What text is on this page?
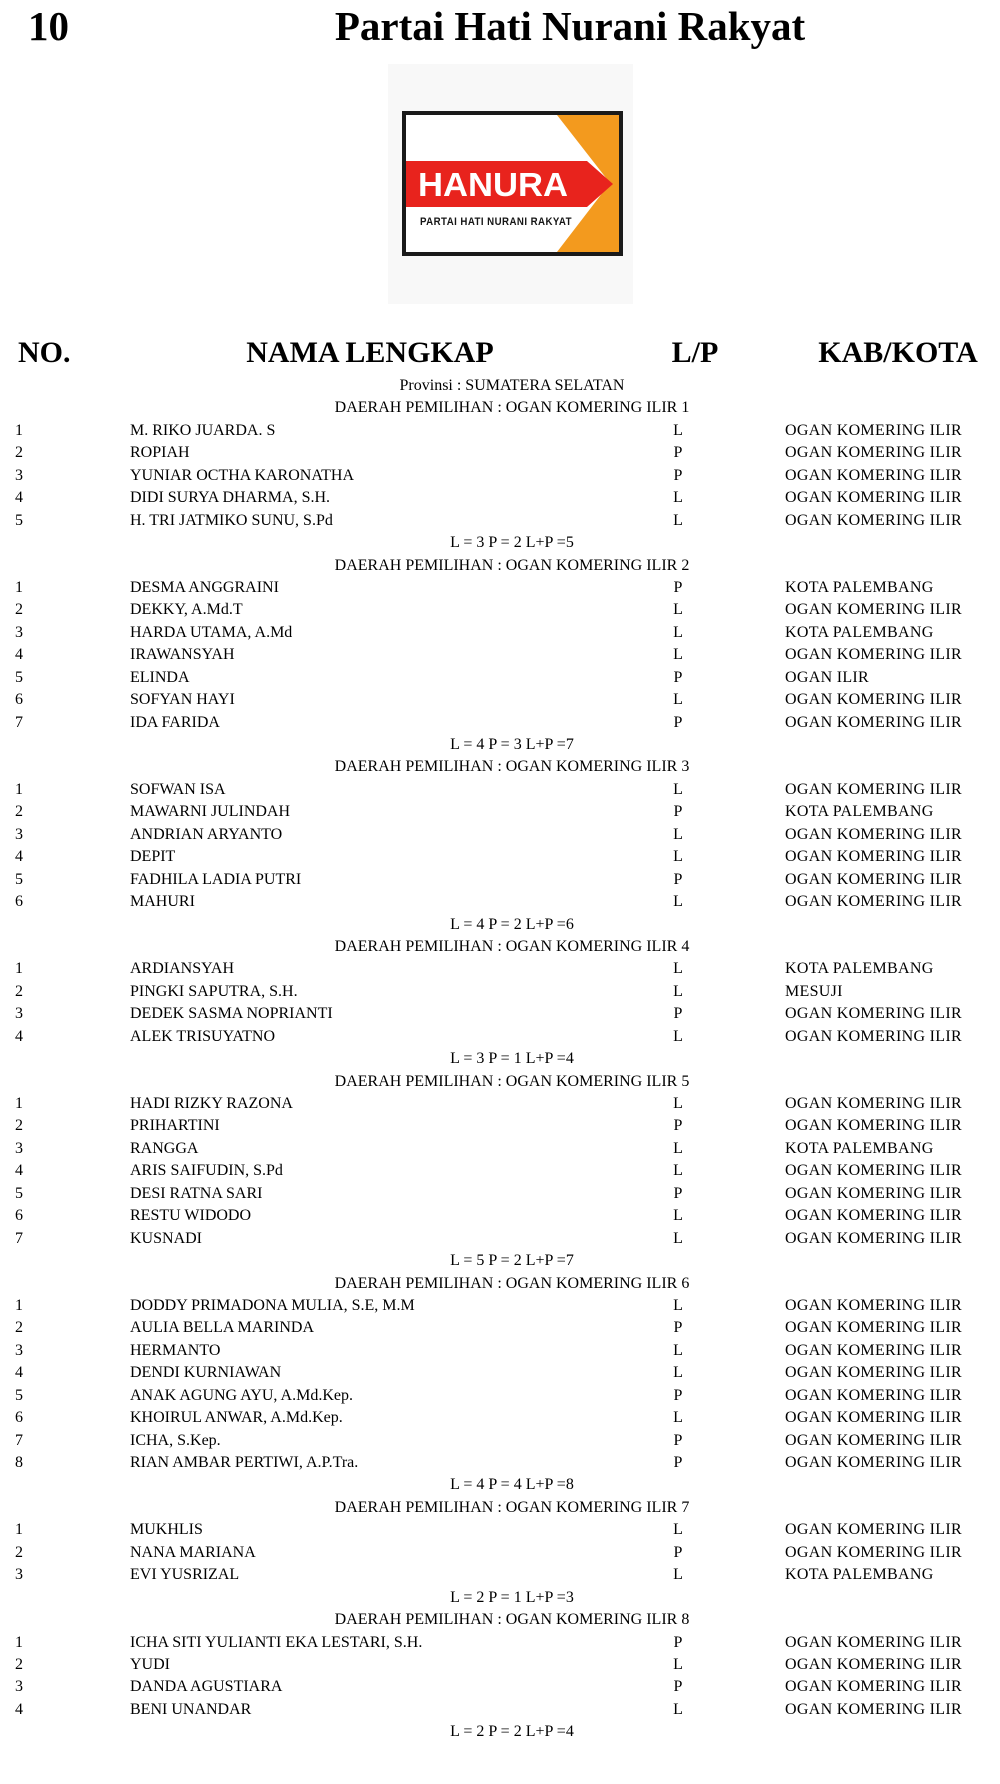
10	Partai Hati Nurani Rakyat
HANURA
PARTAI HATI NURANI RAKYAT
NO.	NAMA LENGKAP	L/P	KAB/KOTA
Provinsi : SUMATERA SELATAN
DAERAH PEMILIHAN : OGAN KOMERING ILIR 1
1	M. RIKO JUARDA. S	L	OGAN KOMERING ILIR
2	ROPIAH	P	OGAN KOMERING ILIR
3	YUNIAR OCTHA KARONATHA	P	OGAN KOMERING ILIR
4	DIDI SURYA DHARMA, S.H.	L	OGAN KOMERING ILIR
5	H. TRI JATMIKO SUNU, S.Pd	L	OGAN KOMERING ILIR
L = 3 P = 2 L+P =5
DAERAH PEMILIHAN : OGAN KOMERING ILIR 2
1	DESMA ANGGRAINI	P	KOTA PALEMBANG
2	DEKKY, A.Md.T	L	OGAN KOMERING ILIR
3	HARDA UTAMA, A.Md	L	KOTA PALEMBANG
4	IRAWANSYAH	L	OGAN KOMERING ILIR
5	ELINDA	P	OGAN ILIR
6	SOFYAN HAYI	L	OGAN KOMERING ILIR
7	IDA FARIDA	P	OGAN KOMERING ILIR
L = 4 P = 3 L+P =7
DAERAH PEMILIHAN : OGAN KOMERING ILIR 3
1	SOFWAN ISA	L	OGAN KOMERING ILIR
2	MAWARNI JULINDAH	P	KOTA PALEMBANG
3	ANDRIAN ARYANTO	L	OGAN KOMERING ILIR
4	DEPIT	L	OGAN KOMERING ILIR
5	FADHILA LADIA PUTRI	P	OGAN KOMERING ILIR
6	MAHURI	L	OGAN KOMERING ILIR
L = 4 P = 2 L+P =6
DAERAH PEMILIHAN : OGAN KOMERING ILIR 4
1	ARDIANSYAH	L	KOTA PALEMBANG
2	PINGKI SAPUTRA, S.H.	L	MESUJI
3	DEDEK SASMA NOPRIANTI	P	OGAN KOMERING ILIR
4	ALEK TRISUYATNO	L	OGAN KOMERING ILIR
L = 3 P = 1 L+P =4
DAERAH PEMILIHAN : OGAN KOMERING ILIR 5
1	HADI RIZKY RAZONA	L	OGAN KOMERING ILIR
2	PRIHARTINI	P	OGAN KOMERING ILIR
3	RANGGA	L	KOTA PALEMBANG
4	ARIS SAIFUDIN, S.Pd	L	OGAN KOMERING ILIR
5	DESI RATNA SARI	P	OGAN KOMERING ILIR
6	RESTU WIDODO	L	OGAN KOMERING ILIR
7	KUSNADI	L	OGAN KOMERING ILIR
L = 5 P = 2 L+P =7
DAERAH PEMILIHAN : OGAN KOMERING ILIR 6
1	DODDY PRIMADONA MULIA, S.E, M.M	L	OGAN KOMERING ILIR
2	AULIA BELLA MARINDA	P	OGAN KOMERING ILIR
3	HERMANTO	L	OGAN KOMERING ILIR
4	DENDI KURNIAWAN	L	OGAN KOMERING ILIR
5	ANAK AGUNG AYU, A.Md.Kep.	P	OGAN KOMERING ILIR
6	KHOIRUL ANWAR, A.Md.Kep.	L	OGAN KOMERING ILIR
7	ICHA, S.Kep.	P	OGAN KOMERING ILIR
8	RIAN AMBAR PERTIWI, A.P.Tra.	P	OGAN KOMERING ILIR
L = 4 P = 4 L+P =8
DAERAH PEMILIHAN : OGAN KOMERING ILIR 7
1	MUKHLIS	L	OGAN KOMERING ILIR
2	NANA MARIANA	P	OGAN KOMERING ILIR
3	EVI YUSRIZAL	L	KOTA PALEMBANG
L = 2 P = 1 L+P =3
DAERAH PEMILIHAN : OGAN KOMERING ILIR 8
1	ICHA SITI YULIANTI EKA LESTARI, S.H.	P	OGAN KOMERING ILIR
2	YUDI	L	OGAN KOMERING ILIR
3	DANDA AGUSTIARA	P	OGAN KOMERING ILIR
4	BENI UNANDAR	L	OGAN KOMERING ILIR
L = 2 P = 2 L+P =4
